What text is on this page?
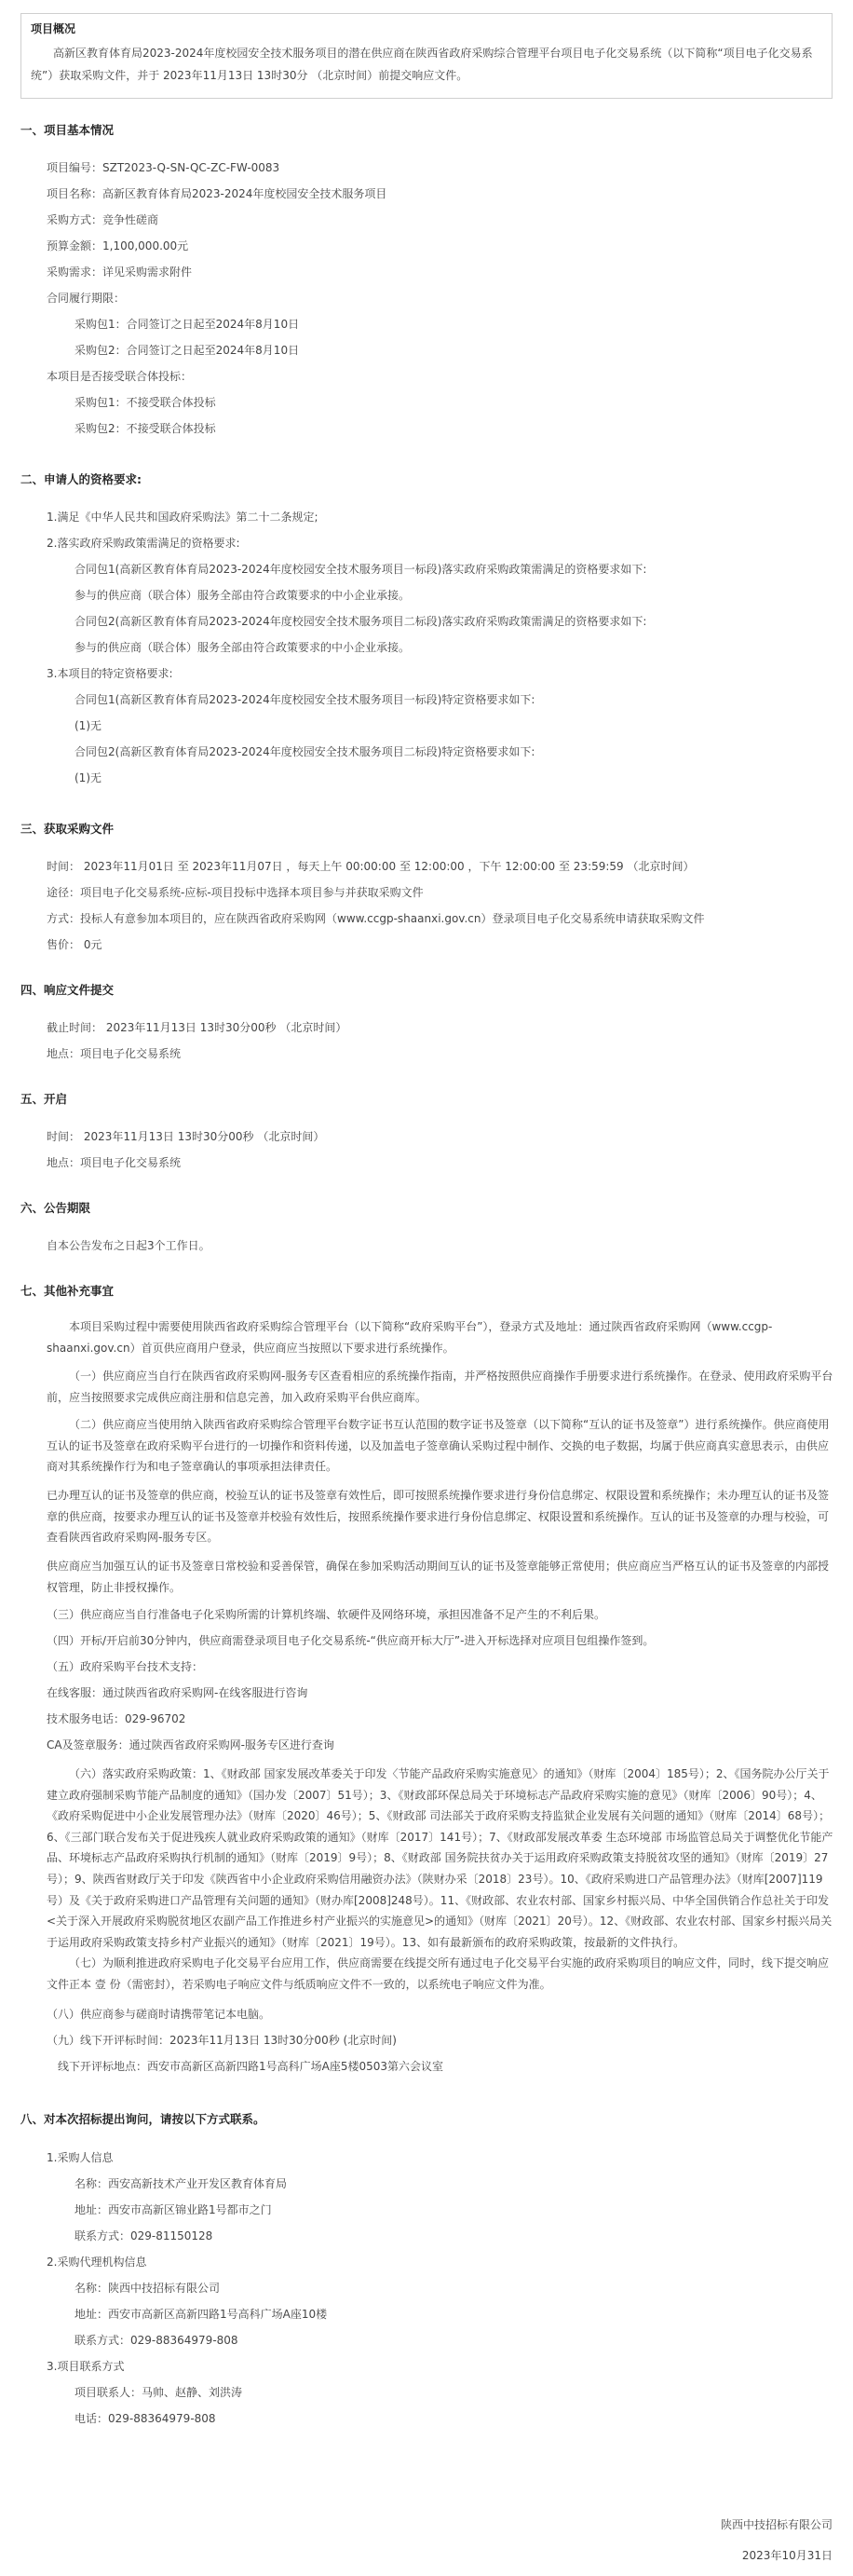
项目概况
高新区教育体育局2023-2024年度校园安全技术服务项目的潜在供应商在陕西省政府采购综合管理平台项目电子化交易系统（以下简称“项目电子化交易系统”）获取采购文件，并于 2023年11月13日 13时30分 （北京时间）前提交响应文件。
一、项目基本情况
项目编号：SZT2023-Q-SN-QC-ZC-FW-0083
项目名称：高新区教育体育局2023-2024年度校园安全技术服务项目
采购方式：竞争性磋商
预算金额：1,100,000.00元
采购需求：详见采购需求附件
合同履行期限：
采购包1：合同签订之日起至2024年8月10日
采购包2：合同签订之日起至2024年8月10日
本项目是否接受联合体投标：
采购包1：不接受联合体投标
采购包2：不接受联合体投标
二、申请人的资格要求:
1.满足《中华人民共和国政府采购法》第二十二条规定;
2.落实政府采购政策需满足的资格要求:
合同包1(高新区教育体育局2023-2024年度校园安全技术服务项目一标段)落实政府采购政策需满足的资格要求如下:
参与的供应商（联合体）服务全部由符合政策要求的中小企业承接。
合同包2(高新区教育体育局2023-2024年度校园安全技术服务项目二标段)落实政府采购政策需满足的资格要求如下:
参与的供应商（联合体）服务全部由符合政策要求的中小企业承接。
3.本项目的特定资格要求:
合同包1(高新区教育体育局2023-2024年度校园安全技术服务项目一标段)特定资格要求如下:
(1)无
合同包2(高新区教育体育局2023-2024年度校园安全技术服务项目二标段)特定资格要求如下:
(1)无
三、获取采购文件
时间： 2023年11月01日 至 2023年11月07日 ，每天上午 00:00:00 至 12:00:00 ，下午 12:00:00 至 23:59:59 （北京时间）
途径：项目电子化交易系统-应标-项目投标中选择本项目参与并获取采购文件
方式：投标人有意参加本项目的，应在陕西省政府采购网（www.ccgp-shaanxi.gov.cn）登录项目电子化交易系统申请获取采购文件
售价： 0元
四、响应文件提交
截止时间： 2023年11月13日 13时30分00秒 （北京时间）
地点：项目电子化交易系统
五、开启
时间： 2023年11月13日 13时30分00秒 （北京时间）
地点：项目电子化交易系统
六、公告期限
自本公告发布之日起3个工作日。
七、其他补充事宜
本项目采购过程中需要使用陕西省政府采购综合管理平台（以下简称“政府采购平台”），登录方式及地址：通过陕西省政府采购网（www.ccgp-shaanxi.gov.cn）首页供应商用户登录，供应商应当按照以下要求进行系统操作。
（一）供应商应当自行在陕西省政府采购网-服务专区查看相应的系统操作指南，并严格按照供应商操作手册要求进行系统操作。在登录、使用政府采购平台前，应当按照要求完成供应商注册和信息完善，加入政府采购平台供应商库。
（二）供应商应当使用纳入陕西省政府采购综合管理平台数字证书互认范围的数字证书及签章（以下简称“互认的证书及签章”）进行系统操作。供应商使用互认的证书及签章在政府采购平台进行的一切操作和资料传递，以及加盖电子签章确认采购过程中制作、交换的电子数据，均属于供应商真实意思表示，由供应商对其系统操作行为和电子签章确认的事项承担法律责任。
已办理互认的证书及签章的供应商，校验互认的证书及签章有效性后，即可按照系统操作要求进行身份信息绑定、权限设置和系统操作；未办理互认的证书及签章的供应商，按要求办理互认的证书及签章并校验有效性后，按照系统操作要求进行身份信息绑定、权限设置和系统操作。互认的证书及签章的办理与校验，可查看陕西省政府采购网-服务专区。
供应商应当加强互认的证书及签章日常校验和妥善保管，确保在参加采购活动期间互认的证书及签章能够正常使用；供应商应当严格互认的证书及签章的内部授权管理，防止非授权操作。
（三）供应商应当自行准备电子化采购所需的计算机终端、软硬件及网络环境，承担因准备不足产生的不利后果。
（四）开标/开启前30分钟内，供应商需登录项目电子化交易系统-“供应商开标大厅”-进入开标选择对应项目包组操作签到。
（五）政府采购平台技术支持：
在线客服：通过陕西省政府采购网-在线客服进行咨询
技术服务电话：029-96702
CA及签章服务：通过陕西省政府采购网-服务专区进行查询
（六）落实政府采购政策：1、《财政部 国家发展改革委关于印发〈节能产品政府采购实施意见〉的通知》（财库〔2004〕185号）；2、《国务院办公厅关于建立政府强制采购节能产品制度的通知》（国办发〔2007〕51号）；3、《财政部环保总局关于环境标志产品政府采购实施的意见》（财库〔2006〕90号）；4、《政府采购促进中小企业发展管理办法》（财库〔2020〕46号）；5、《财政部 司法部关于政府采购支持监狱企业发展有关问题的通知》（财库〔2014〕68号）；6、《三部门联合发布关于促进残疾人就业政府采购政策的通知》（财库〔2017〕141号）；7、《财政部发展改革委 生态环境部 市场监管总局关于调整优化节能产品、环境标志产品政府采购执行机制的通知》（财库〔2019〕9号）；8、《财政部 国务院扶贫办关于运用政府采购政策支持脱贫攻坚的通知》（财库〔2019〕27号）；9、陕西省财政厅关于印发《陕西省中小企业政府采购信用融资办法》（陕财办采〔2018〕23号）。10、《政府采购进口产品管理办法》（财库[2007]119号）及《关于政府采购进口产品管理有关问题的通知》（财办库[2008]248号）。11、《财政部、农业农村部、国家乡村振兴局、中华全国供销合作总社关于印发<关于深入开展政府采购脱贫地区农副产品工作推进乡村产业振兴的实施意见>的通知》（财库〔2021〕20号）。12、《财政部、农业农村部、国家乡村振兴局关于运用政府采购政策支持乡村产业振兴的通知》（财库〔2021〕19号）。13、如有最新颁布的政府采购政策，按最新的文件执行。
（七）为顺利推进政府采购电子化交易平台应用工作，供应商需要在线提交所有通过电子化交易平台实施的政府采购项目的响应文件，同时，线下提交响应文件正本 壹 份（需密封），若采购电子响应文件与纸质响应文件不一致的，以系统电子响应文件为准。
（八）供应商参与磋商时请携带笔记本电脑。
（九）线下开评标时间：2023年11月13日 13时30分00秒 (北京时间)
线下开评标地点：西安市高新区高新四路1号高科广场A座5楼0503第六会议室
八、对本次招标提出询问，请按以下方式联系。
1.采购人信息
名称：西安高新技术产业开发区教育体育局
地址：西安市高新区锦业路1号都市之门
联系方式：029-81150128
2.采购代理机构信息
名称：陕西中技招标有限公司
地址：西安市高新区高新四路1号高科广场A座10楼
联系方式：029-88364979-808
3.项目联系方式
项目联系人：马帅、赵静、刘洪涛
电话：029-88364979-808
陕西中技招标有限公司
2023年10月31日
